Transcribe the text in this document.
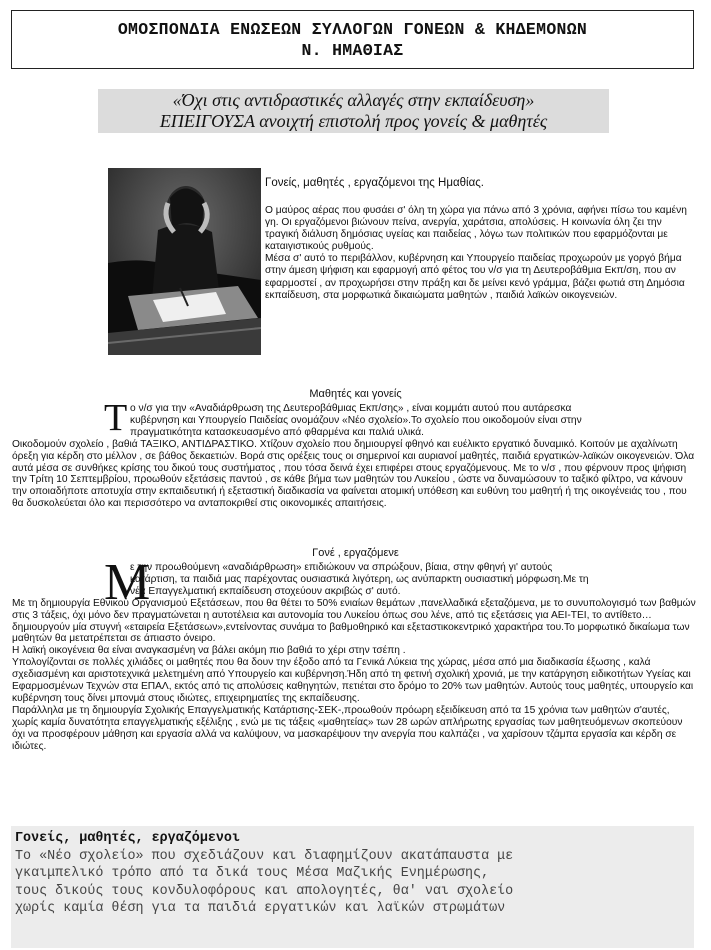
ΟΜΟΣΠΟΝΔΙΑ ΕΝΩΣΕΩΝ ΣΥΛΛΟΓΩΝ ΓΟΝΕΩΝ & ΚΗΔΕΜΟΝΩΝ
Ν. ΗΜΑΘΙΑΣ
«Όχι στις αντιδραστικές αλλαγές στην εκπαίδευση»
ΕΠΕΙΓΟΥΣΑ ανοιχτή επιστολή προς γονείς & μαθητές

Γονείς, μαθητές , εργαζόμενοι της Ημαθίας.

Ο μαύρος αέρας που φυσάει σ' όλη τη χώρα για πάνω από 3 χρόνια, αφήνει πίσω του καμένη γη. Οι εργαζόμενοι βιώνουν πείνα, ανεργία, χαράτσια, απολύσεις. Η κοινωνία όλη ζει την τραγική διάλυση δημόσιας υγείας και παιδείας , λόγω των πολιτικών που εφαρμόζονται με καταιγιστικούς ρυθμούς.

Μέσα σ' αυτό το περιβάλλον, κυβέρνηση και Υπουργείο παιδείας προχωρούν με γοργό βήμα στην άμεση ψήφιση και εφαρμογή από φέτος του ν/σ για τη Δευτεροβάθμια Εκπ/ση, που αν εφαρμοστεί , αν προχωρήσει στην πράξη και δε μείνει κενό γράμμα, βάζει φωτιά στη Δημόσια εκπαίδευση, στα μορφωτικά δικαιώματα μαθητών , παιδιά λαϊκών οικογενειών.

Μαθητές και γονείς
Τ ο ν/σ για την «Αναδιάρθρωση της Δευτεροβάθμιας Εκπ/σης» , είναι κομμάτι αυτού που αυτάρεσκα

κυβέρνηση και Υπουργείο Παιδείας ονομάζουν «Νέο σχολείο».Το σχολείο που οικοδομούν είναι στην

πραγματικότητα κατασκευασμένο από φθαρμένα και παλιά υλικά.

Οικοδομούν σχολείο , βαθιά ΤΑΞΙΚΟ, ΑΝΤΙΔΡΑΣΤΙΚΟ. Χτίζουν σχολείο που δημιουργεί φθηνό και ευέλικτο εργατικό δυναμικό. Κοιτούν με αχαλίνωτη όρεξη για κέρδη στο μέλλον , σε βάθος δεκαετιών. Βορά στις ορέξεις τους οι σημερινοί και αυριανοί μαθητές, παιδιά εργατικών-λαϊκών οικογενειών. Όλα αυτά μέσα σε συνθήκες κρίσης του δικού τους συστήματος , που τόσα δεινά έχει επιφέρει στους εργαζόμενους. Με το ν/σ , που φέρνουν προς ψήφιση την Τρίτη 10 Σεπτεμβρίου, προωθούν εξετάσεις παντού , σε κάθε βήμα των μαθητών του Λυκείου , ώστε να δυναμώσουν το ταξικό φίλτρο, να κάνουν την οποιαδήποτε αποτυχία στην εκπαιδευτική ή εξεταστική διαδικασία να φαίνεται ατομική υπόθεση και ευθύνη του μαθητή ή της οικογένειάς του , που θα δυσκολεύεται όλο και περισσότερο να ανταποκριθεί στις οικονομικές απαιτήσεις.

Γονέ , εργαζόμενε
Μ

ε την προωθούμενη «αναδιάρθρωση» επιδιώκουν να σπρώξουν, βίαια, στην φθηνή γι' αυτούς

κατάρτιση, τα παιδιά μας παρέχοντας ουσιαστικά λιγότερη, ως ανύπαρκτη ουσιαστική μόρφωση.Με τη

νέα Επαγγελματική εκπαίδευση στοχεύουν ακριβώς σ' αυτό.

Με τη δημιουργία Εθνικού Οργανισμού Εξετάσεων, που θα θέτει το 50% ενιαίων θεμάτων ,πανελλαδικά εξεταζόμενα, με το συνυπολογισμό των βαθμών στις 3 τάξεις, όχι μόνο δεν πραγματώνεται η αυτοτέλεια και αυτονομία του Λυκείου όπως σου λένε, από τις εξετάσεις για ΑΕΙ-ΤΕΙ, το αντίθετο…δημιουργούν μία στυγνή «εταιρεία Εξετάσεων»,εντείνοντας συνάμα το βαθμοθηρικό και εξεταστικοκεντρικό χαρακτήρα του.Το μορφωτικό δικαίωμα των μαθητών θα μετατρέπεται σε άπιαστο όνειρο.

Η λαϊκή οικογένεια θα είναι αναγκασμένη να βάλει ακόμη πιο βαθιά το χέρι στην τσέπη .

Υπολογίζονται σε πολλές χιλιάδες οι μαθητές που θα δουν την έξοδο από τα Γενικά Λύκεια της χώρας, μέσα από μια διαδικασία έξωσης , καλά σχεδιασμένη και αριστοτεχνικά μελετημένη από Υπουργείο και κυβέρνηση.Ήδη από τη φετινή σχολική χρονιά, με την κατάργηση ειδικοτήτων Υγείας και Εφαρμοσμένων Τεχνών στα ΕΠΑΛ, εκτός από τις απολύσεις καθηγητών, πετιέται στο δρόμο το 20% των μαθητών. Αυτούς τους μαθητές, υπουργείο και κυβέρνηση τους δίνει μπονμά στους ιδιώτες, επιχειρηματίες της εκπαίδευσης.

Παράλληλα με τη δημιουργία Σχολικής Επαγγελματικής Κατάρτισης-ΣΕΚ-,προωθούν πρόωρη εξειδίκευση από τα 15 χρόνια των μαθητών σ'αυτές, χωρίς καμία δυνατότητα επαγγελματικής εξέλιξης , ενώ με τις τάξεις «μαθητείας» των 28 ωρών απλήρωτης εργασίας των μαθητευόμενων σκοπεύουν όχι να προσφέρουν μάθηση και εργασία αλλά να καλύψουν, να μασκαρέψουν την ανεργία που καλπάζει , να χαρίσουν τζάμπα εργασία και κέρδη σε ιδιώτες.

Γονείς, μαθητές, εργαζόμενοι

Το «Νέο σχολείο» που σχεδιάζουν και διαφημίζουν ακατάπαυστα με

γκαιμπελικό τρόπο από τα δικά τους Μέσα Μαζικής Ενημέρωσης,

τους δικούς τους κονδυλοφόρους και απολογητές, θα' ναι σχολείο

χωρίς καμία θέση για τα παιδιά εργατικών και λαϊκών στρωμάτων
